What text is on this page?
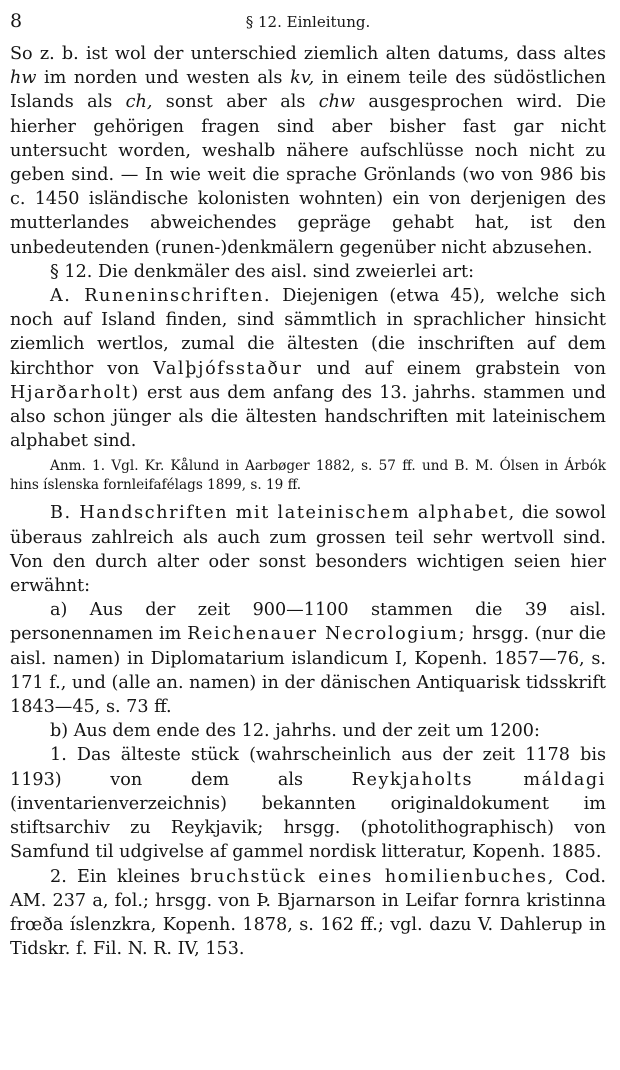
8	§ 12. Einleitung.

So z. b. ist wol der unterschied ziemlich alten datums, dass altes hw im norden und westen als kv, in einem teile des südöstlichen Islands als ch, sonst aber als chw ausgesprochen wird. Die hierher gehörigen fragen sind aber bisher fast gar nicht untersucht worden, weshalb nähere aufschlüsse noch nicht zu geben sind. — In wie weit die sprache Grönlands (wo von 986 bis c. 1450 isländische kolonisten wohnten) ein von derjenigen des mutterlandes abweichendes gepräge gehabt hat, ist den unbedeutenden (runen-)denkmälern gegenüber nicht abzusehen.

§ 12. Die denkmäler des aisl. sind zweierlei art:

A. Runeninschriften. Diejenigen (etwa 45), welche sich noch auf Island finden, sind sämmtlich in sprachlicher hinsicht ziemlich wertlos, zumal die ältesten (die inschriften auf dem kirchthor von Valþjófsstaður und auf einem grabstein von Hjarðarholt) erst aus dem anfang des 13. jahrhs. stammen und also schon jünger als die ältesten handschriften mit lateinischem alphabet sind.

Anm. 1. Vgl. Kr. Kålund in Aarbøger 1882, s. 57 ff. und B. M. Ólsen in Árbók hins íslenska fornleifafélags 1899, s. 19 ff.

B. Handschriften mit lateinischem alphabet, die sowol überaus zahlreich als auch zum grossen teil sehr wertvoll sind. Von den durch alter oder sonst besonders wichtigen seien hier erwähnt:

a) Aus der zeit 900—1100 stammen die 39 aisl. personennamen im Reichenauer Necrologium; hrsgg. (nur die aisl. namen) in Diplomatarium islandicum I, Kopenh. 1857—76, s. 171 f., und (alle an. namen) in der dänischen Antiquarisk tidsskrift 1843—45, s. 73 ff.

b) Aus dem ende des 12. jahrhs. und der zeit um 1200:

1. Das älteste stück (wahrscheinlich aus der zeit 1178 bis 1193) von dem als Reykjaholts máldagi (inventarienverzeichnis) bekannten originaldokument im stiftsarchiv zu Reykjavik; hrsgg. (photolithographisch) von Samfund til udgivelse af gammel nordisk litteratur, Kopenh. 1885.

2. Ein kleines bruchstück eines homilienbuches, Cod. AM. 237 a, fol.; hrsgg. von Þ. Bjarnarson in Leifar fornra kristinna frœða íslenzkra, Kopenh. 1878, s. 162 ff.; vgl. dazu V. Dahlerup in Tidskr. f. Fil. N. R. IV, 153.
